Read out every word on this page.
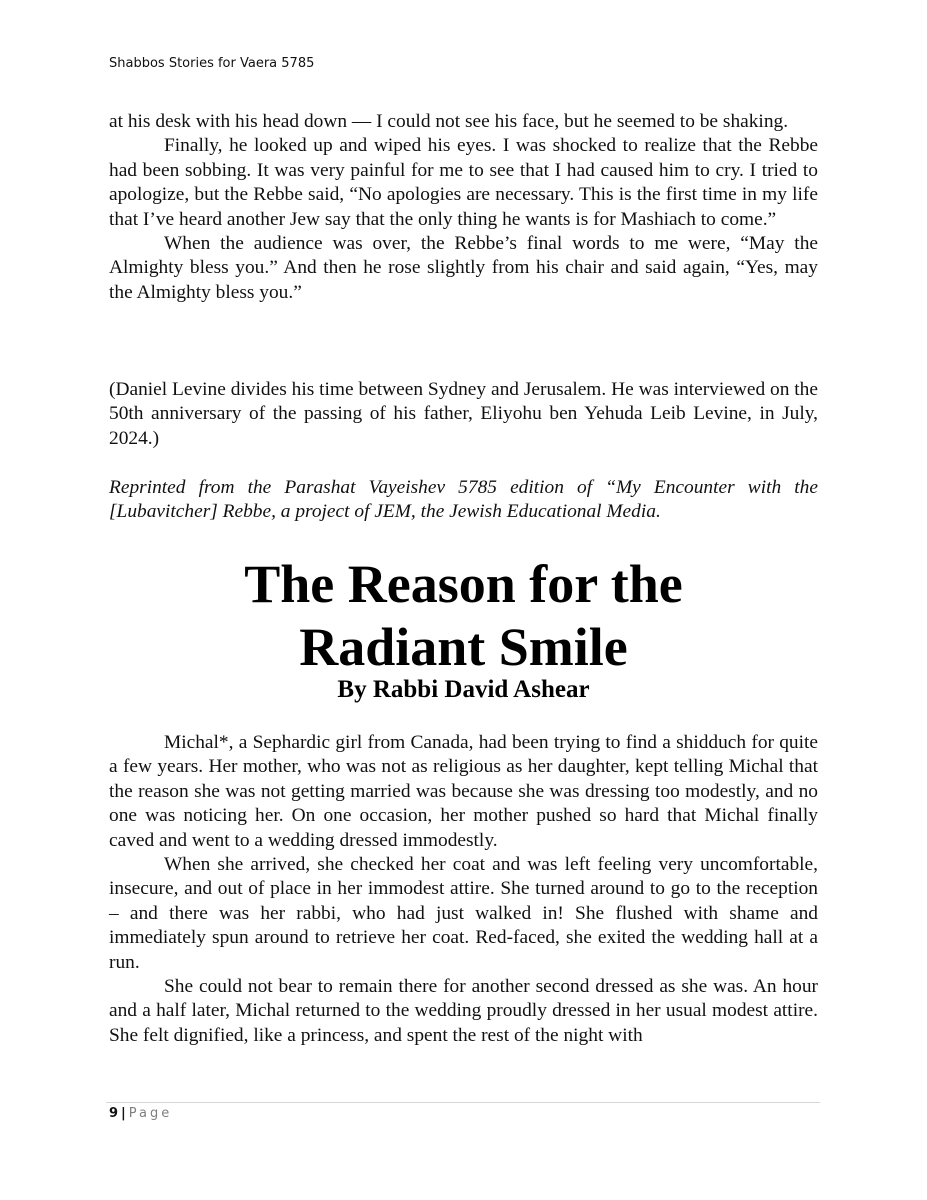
Shabbos Stories for Vaera 5785

at his desk with his head down — I could not see his face, but he seemed to be shaking.

Finally, he looked up and wiped his eyes. I was shocked to realize that the Rebbe had been sobbing. It was very painful for me to see that I had caused him to cry. I tried to apologize, but the Rebbe said, “No apologies are necessary. This is the first time in my life that I’ve heard another Jew say that the only thing he wants is for Mashiach to come.”

When the audience was over, the Rebbe’s final words to me were, “May the Almighty bless you.” And then he rose slightly from his chair and said again, “Yes, may the Almighty bless you.”

(Daniel Levine divides his time between Sydney and Jerusalem. He was interviewed on the 50th anniversary of the passing of his father, Eliyohu ben Yehuda Leib Levine, in July, 2024.)

Reprinted from the Parashat Vayeishev 5785 edition of “My Encounter with the [Lubavitcher] Rebbe, a project of JEM, the Jewish Educational Media.

The Reason for the
Radiant Smile
By Rabbi David Ashear

Michal*, a Sephardic girl from Canada, had been trying to find a shidduch for quite a few years. Her mother, who was not as religious as her daughter, kept telling Michal that the reason she was not getting married was because she was dressing too modestly, and no one was noticing her. On one occasion, her mother pushed so hard that Michal finally caved and went to a wedding dressed immodestly.

When she arrived, she checked her coat and was left feeling very uncomfortable, insecure, and out of place in her immodest attire. She turned around to go to the reception – and there was her rabbi, who had just walked in! She flushed with shame and immediately spun around to retrieve her coat. Red-faced, she exited the wedding hall at a run.

She could not bear to remain there for another second dressed as she was. An hour and a half later, Michal returned to the wedding proudly dressed in her usual modest attire. She felt dignified, like a princess, and spent the rest of the night with

9 | Page
